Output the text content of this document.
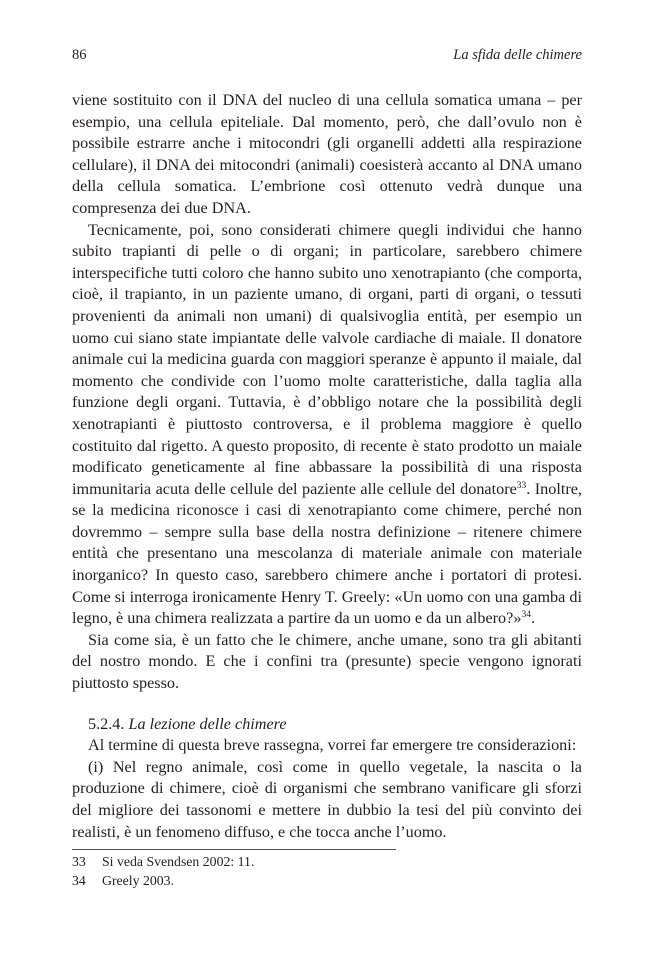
86	La sfida delle chimere

viene sostituito con il DNA del nucleo di una cellula somatica umana – per esempio, una cellula epiteliale. Dal momento, però, che dall’ovulo non è possibile estrarre anche i mitocondri (gli organelli addetti alla respirazione cellulare), il DNA dei mitocondri (animali) coesisterà accanto al DNA umano della cellula somatica. L’embrione così ottenuto vedrà dunque una compresenza dei due DNA.

Tecnicamente, poi, sono considerati chimere quegli individui che hanno subito trapianti di pelle o di organi; in particolare, sarebbero chimere interspecifiche tutti coloro che hanno subito uno xenotrapianto (che comporta, cioè, il trapianto, in un paziente umano, di organi, parti di organi, o tessuti provenienti da animali non umani) di qualsivoglia entità, per esempio un uomo cui siano state impiantate delle valvole cardiache di maiale. Il donatore animale cui la medicina guarda con maggiori speranze è appunto il maiale, dal momento che condivide con l’uomo molte caratteristiche, dalla taglia alla funzione degli organi. Tuttavia, è d’obbligo notare che la possibilità degli xenotrapianti è piuttosto controversa, e il problema maggiore è quello costituito dal rigetto. A questo proposito, di recente è stato prodotto un maiale modificato geneticamente al fine abbassare la possibilità di una risposta immunitaria acuta delle cellule del paziente alle cellule del donatore$^{33}$. Inoltre, se la medicina riconosce i casi di xenotrapianto come chimere, perché non dovremmo – sempre sulla base della nostra definizione – ritenere chimere entità che presentano una mescolanza di materiale animale con materiale inorganico? In questo caso, sarebbero chimere anche i portatori di protesi. Come si interroga ironicamente Henry T. Greely: «Un uomo con una gamba di legno, è una chimera realizzata a partire da un uomo e da un albero?»$^{34}$.

Sia come sia, è un fatto che le chimere, anche umane, sono tra gli abitanti del nostro mondo. E che i confini tra (presunte) specie vengono ignorati piuttosto spesso.

5.2.4. La lezione delle chimere

Al termine di questa breve rassegna, vorrei far emergere tre considerazioni:

(i) Nel regno animale, così come in quello vegetale, la nascita o la produzione di chimere, cioè di organismi che sembrano vanificare gli sforzi del migliore dei tassonomi e mettere in dubbio la tesi del più convinto dei realisti, è un fenomeno diffuso, e che tocca anche l’uomo.

33	Si veda Svendsen 2002: 11.
34	Greely 2003.
